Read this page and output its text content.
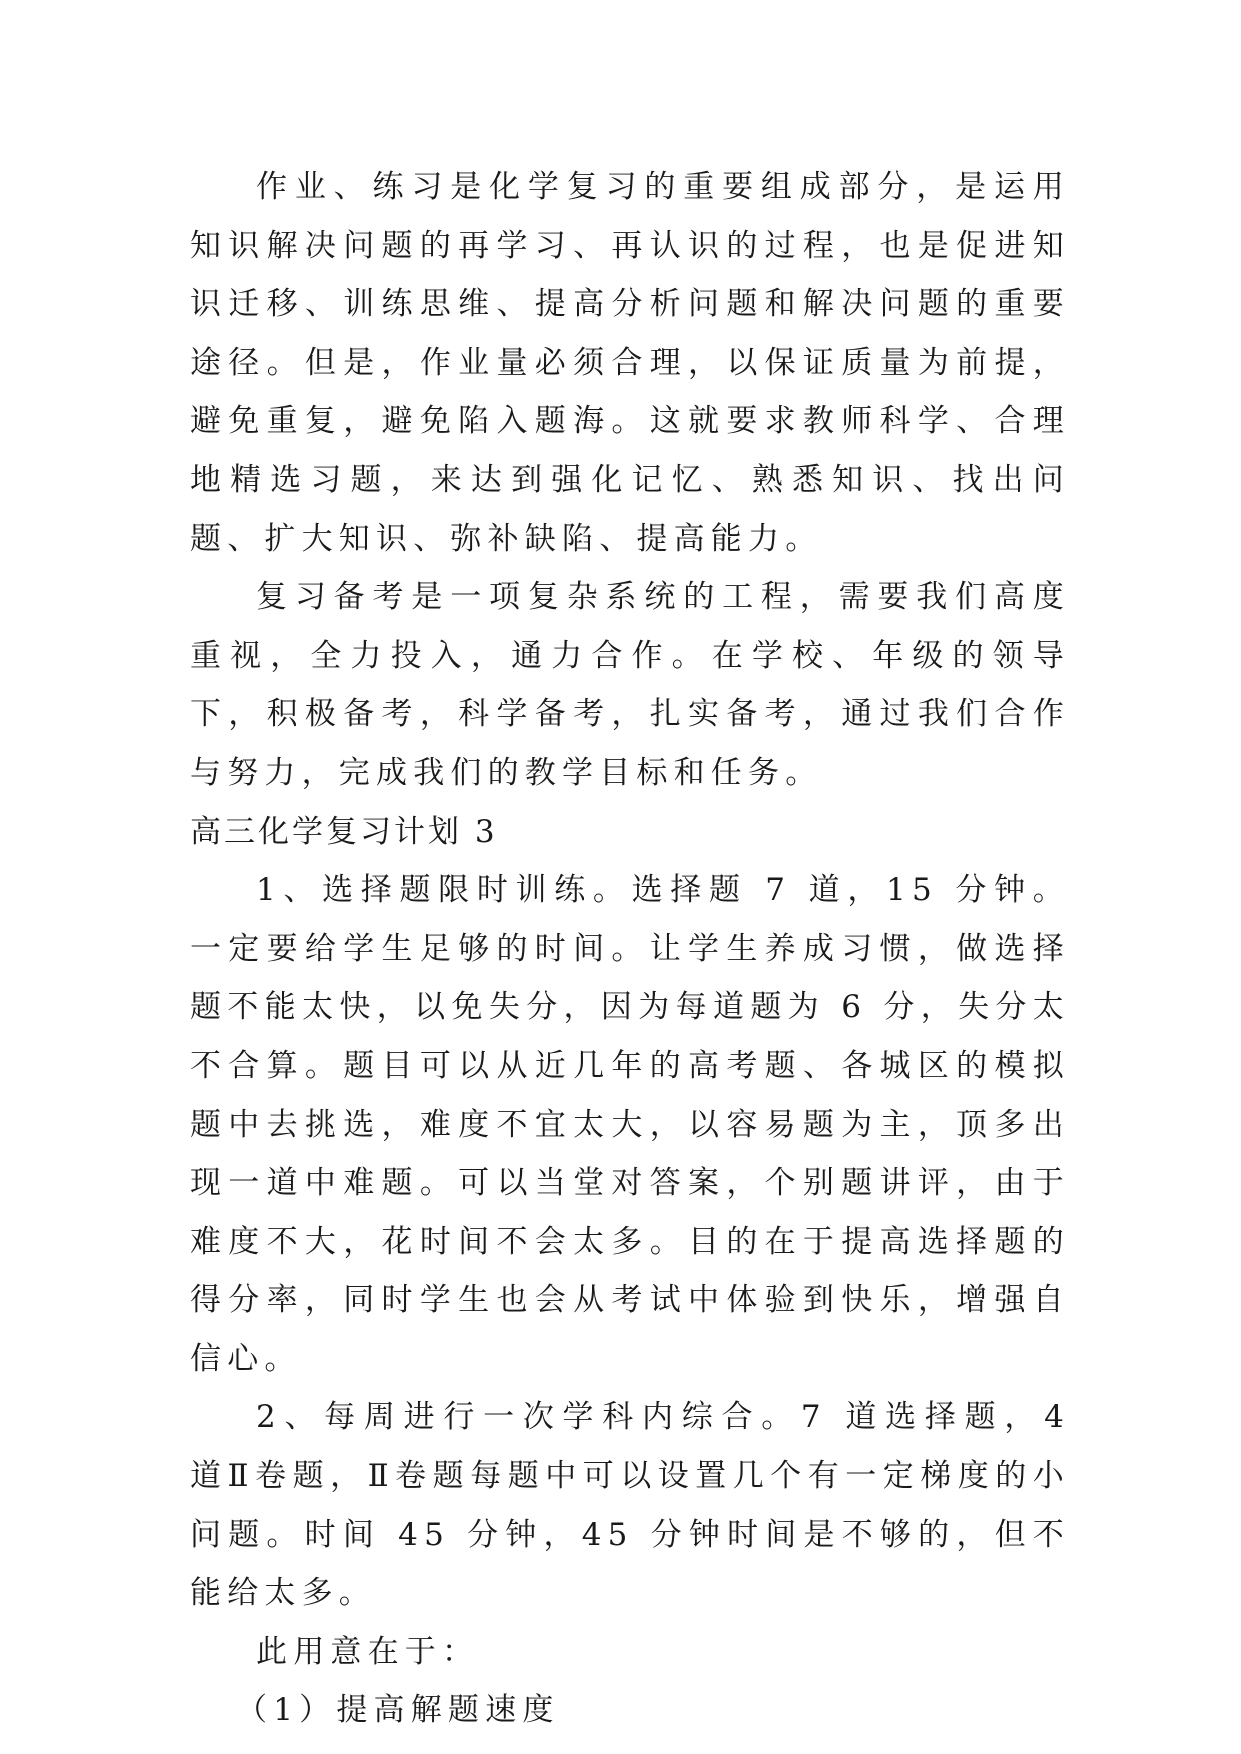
作业、练习是化学复习的重要组成部分，是运用知识解决问题的再学习、再认识的过程，也是促进知识迁移、训练思维、提高分析问题和解决问题的重要途径。但是，作业量必须合理，以保证质量为前提，避免重复，避免陷入题海。这就要求教师科学、合理地精选习题，来达到强化记忆、熟悉知识、找出问题、扩大知识、弥补缺陷、提高能力。

复习备考是一项复杂系统的工程，需要我们高度重视，全力投入，通力合作。在学校、年级的领导下，积极备考，科学备考，扎实备考，通过我们合作与努力，完成我们的教学目标和任务。

高三化学复习计划 3

1、选择题限时训练。选择题 7 道，15 分钟。一定要给学生足够的时间。让学生养成习惯，做选择题不能太快，以免失分，因为每道题为 6 分，失分太不合算。题目可以从近几年的高考题、各城区的模拟题中去挑选，难度不宜太大，以容易题为主，顶多出现一道中难题。可以当堂对答案，个别题讲评，由于难度不大，花时间不会太多。目的在于提高选择题的得分率，同时学生也会从考试中体验到快乐，增强自信心。

2、每周进行一次学科内综合。7 道选择题，4 道Ⅱ卷题，Ⅱ卷题每题中可以设置几个有一定梯度的小问题。时间 45 分钟，45 分钟时间是不够的，但不能给太多。

此用意在于：

（1）提高解题速度
